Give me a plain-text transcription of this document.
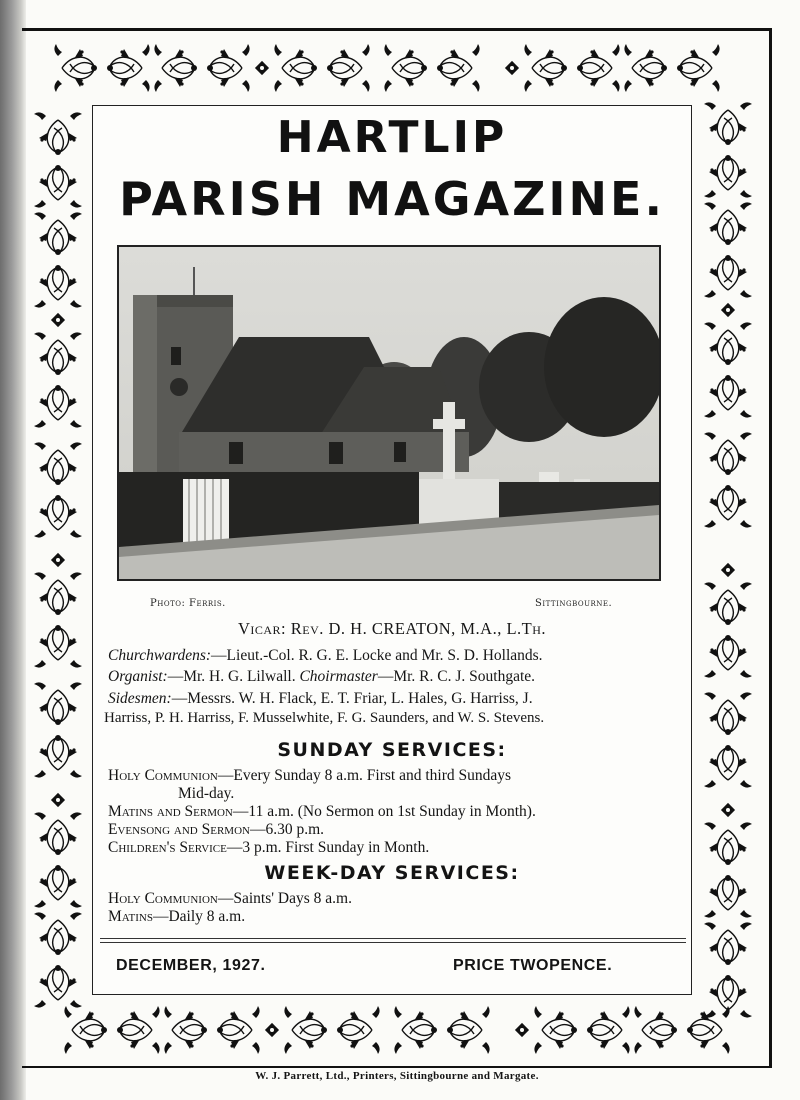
HARTLIP
PARISH MAGAZINE.
Photo: Ferris.	Sittingbourne.
Vicar: Rev. D. H. CREATON, M.A., L.Th.
Churchwardens:—Lieut.-Col. R. G. E. Locke and Mr. S. D. Hollands.
Organist:—Mr. H. G. Lilwall. Choirmaster—Mr. R. C. J. Southgate.
Sidesmen:—Messrs. W. H. Flack, E. T. Friar, L. Hales, G. Harriss, J.
Harriss, P. H. Harriss, F. Musselwhite, F. G. Saunders, and W. S. Stevens.
SUNDAY SERVICES:
Holy Communion—Every Sunday 8 a.m. First and third Sundays
Mid-day.
Matins and Sermon—11 a.m. (No Sermon on 1st Sunday in Month).
Evensong and Sermon—6.30 p.m.
Children's Service—3 p.m. First Sunday in Month.
WEEK-DAY SERVICES:
Holy Communion—Saints' Days 8 a.m.
Matins—Daily 8 a.m.
DECEMBER, 1927.	PRICE TWOPENCE.
W. J. Parrett, Ltd., Printers, Sittingbourne and Margate.
